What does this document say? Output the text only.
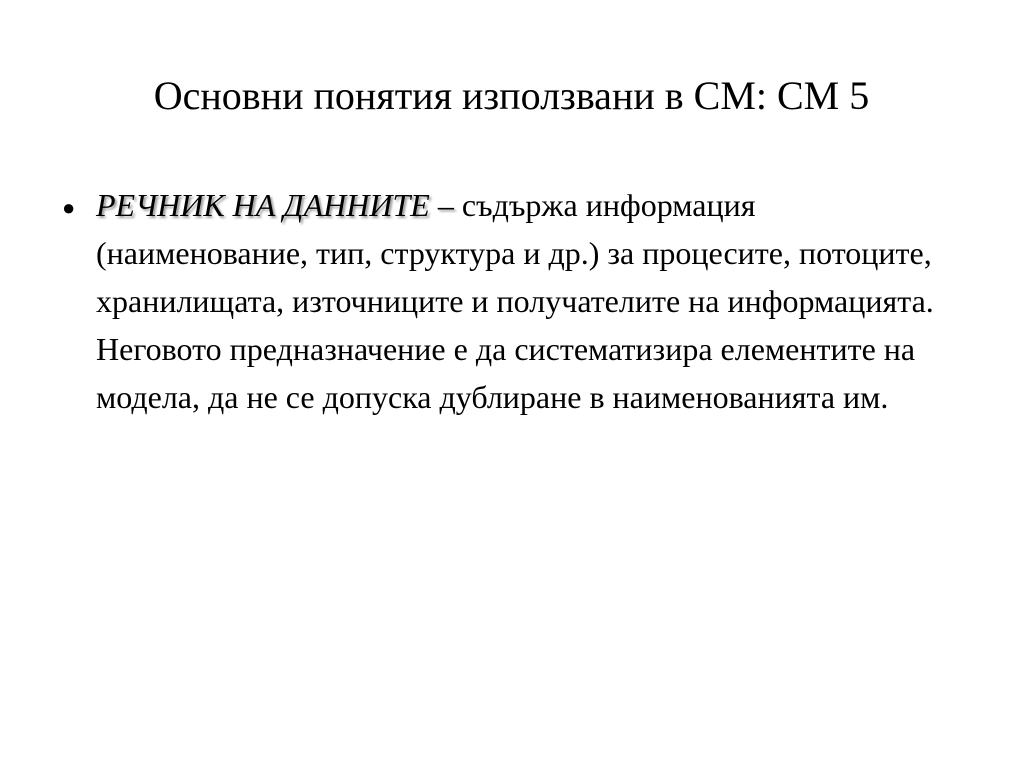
Основни понятия използвани в СМ: СМ 5
● РЕЧНИК НА ДАННИТЕ – съдържа информация (наименование, тип, структура и др.) за процесите, потоците, хранилищата, източниците и получателите на информацията. Неговото предназначение е да систематизира елементите на модела, да не се допуска дублиране в наименованията им.
